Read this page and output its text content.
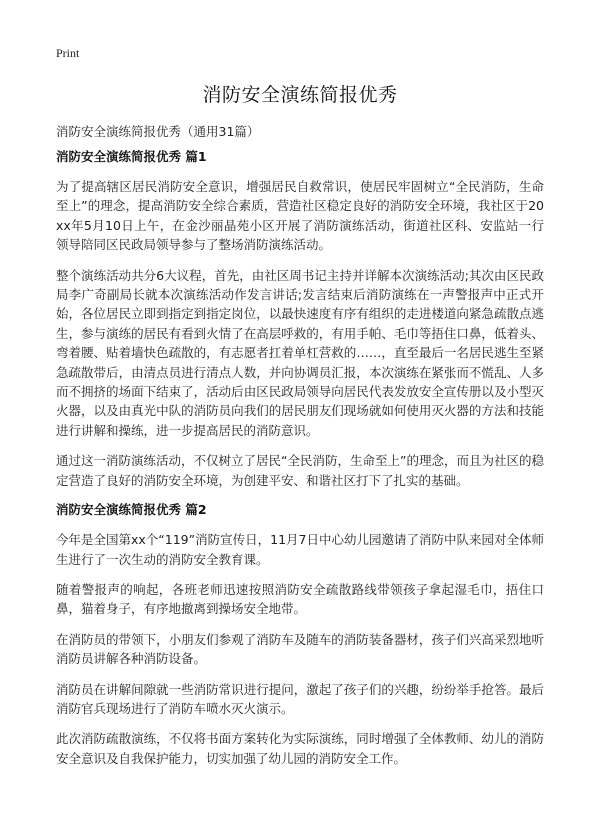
Print
消防安全演练简报优秀
消防安全演练简报优秀（通用31篇）
消防安全演练简报优秀 篇1

为了提高辖区居民消防安全意识，增强居民自救常识，使居民牢固树立“全民消防，生命至上”的理念，提高消防安全综合素质，营造社区稳定良好的消防安全环境，我社区于20xx年5月10日上午，在金沙丽晶苑小区开展了消防演练活动，街道社区科、安监站一行领导陪同区民政局领导参与了整场消防演练活动。

整个演练活动共分6大议程，首先，由社区周书记主持并详解本次演练活动;其次由区民政局李广奇副局长就本次演练活动作发言讲话;发言结束后消防演练在一声警报声中正式开始，各位居民立即到指定到指定岗位，以最快速度有序有组织的走进楼道向紧急疏散点逃生，参与演练的居民有看到火情了在高层呼救的，有用手帕、毛巾等捂住口鼻，低着头、弯着腰、贴着墙快色疏散的，有志愿者扛着单杠营救的……，直至最后一名居民逃生至紧急疏散带后，由清点员进行清点人数，并向协调员汇报，本次演练在紧张而不慌乱、人多而不拥挤的场面下结束了，活动后由区民政局领导向居民代表发放安全宣传册以及小型灭火器，以及由真光中队的消防员向我们的居民朋友们现场就如何使用灭火器的方法和技能进行讲解和操练，进一步提高居民的消防意识。

通过这一消防演练活动，不仅树立了居民“全民消防，生命至上”的理念，而且为社区的稳定营造了良好的消防安全环境，为创建平安、和谐社区打下了扎实的基础。

消防安全演练简报优秀 篇2

今年是全国第xx个“119”消防宣传日，11月7日中心幼儿园邀请了消防中队来园对全体师生进行了一次生动的消防安全教育课。

随着警报声的响起，各班老师迅速按照消防安全疏散路线带领孩子拿起湿毛巾，捂住口鼻，猫着身子，有序地撤离到操场安全地带。

在消防员的带领下，小朋友们参观了消防车及随车的消防装备器材，孩子们兴高采烈地听消防员讲解各种消防设备。

消防员在讲解间隙就一些消防常识进行提问，激起了孩子们的兴趣，纷纷举手抢答。最后消防官兵现场进行了消防车喷水灭火演示。

此次消防疏散演练，不仅将书面方案转化为实际演练，同时增强了全体教师、幼儿的消防安全意识及自我保护能力，切实加强了幼儿园的消防安全工作。
